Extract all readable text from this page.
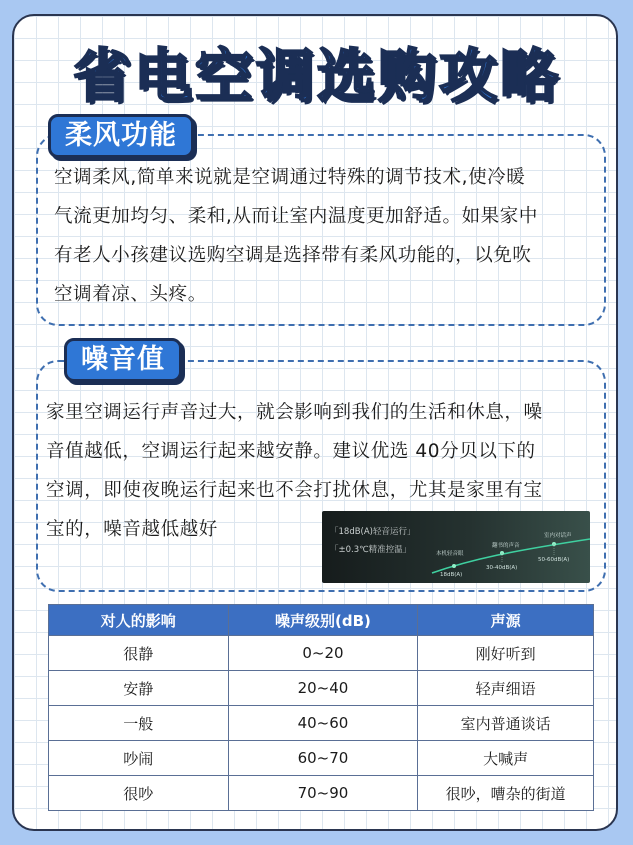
省电空调选购攻略
柔风功能
空调柔风,简单来说就是空调通过特殊的调节技术,使冷暖
气流更加均匀、柔和,从而让室内温度更加舒适。如果家中
有老人小孩建议选购空调是选择带有柔风功能的，以免吹
空调着凉、头疼。
噪音值
家里空调运行声音过大，就会影响到我们的生活和休息，噪
音值越低，空调运行起来越安静。建议优选 40分贝以下的
空调，即使夜晚运行起来也不会打扰休息，尤其是家里有宝
宝的，噪音越低越好	「18dB(A)轻音运行」
「±0.3℃精准控温」	本机轻音眼
18dB(A)
翻书的声音
30-40dB(A)
室内对话声
50-60dB(A)
对人的影响	噪声级别(dB)	声源
很静	0~20	刚好听到
安静	20~40	轻声细语
一般	40~60	室内普通谈话
吵闹	60~70	大喊声
很吵	70~90	很吵，嘈杂的街道
